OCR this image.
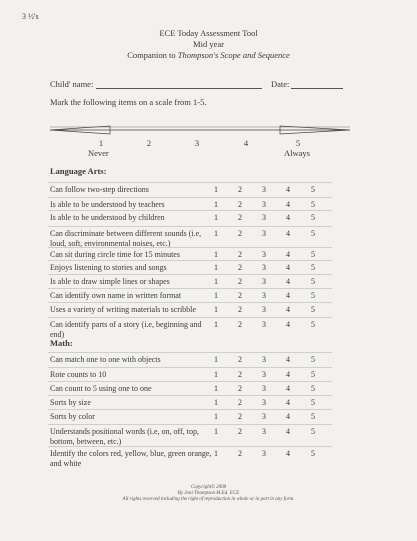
3 ½'s
ECE Today Assessment Tool
Mid year
Companion to Thompson's Scope and Sequence
Child' name:	Date:
Mark the following items on a scale from 1-5.
1	2	3	4	5
Never	Always
Language Arts:
Can follow two-step directions	1	2	3	4	5
Is able to be understood by teachers	1	2	3	4	5
Is able to be understood by children	1	2	3	4	5
Can discriminate between different sounds (i.e, loud, soft, environmental noises, etc.)
1	2	3	4	5
Can sit during circle time for 15 minutes	1	2	3	4	5
Enjoys listening to stories and songs	1	2	3	4	5
Is able to draw simple lines or shapes	1	2	3	4	5
Can identify own name in written format	1	2	3	4	5
Uses a variety of writing materials to scribble	1	2	3	4	5
Can identify parts of a story (i.e, beginning and end)
1	2	3	4	5
Math:
Can match one to one with objects	1	2	3	4	5
Rote counts to 10	1	2	3	4	5
Can count to 5 using one to one	1	2	3	4	5
Sorts by size	1	2	3	4	5
Sorts by color	1	2	3	4	5
Understands positional words (i.e, on, off, top, bottom, between, etc.)
1	2	3	4	5
Identify the colors red, yellow, blue, green orange, and white
1	2	3	4	5
Copyright© 2008
By Joni Thompson M.Ed. ECE
All rights reserved including the right of reproduction in whole or in part in any form.
